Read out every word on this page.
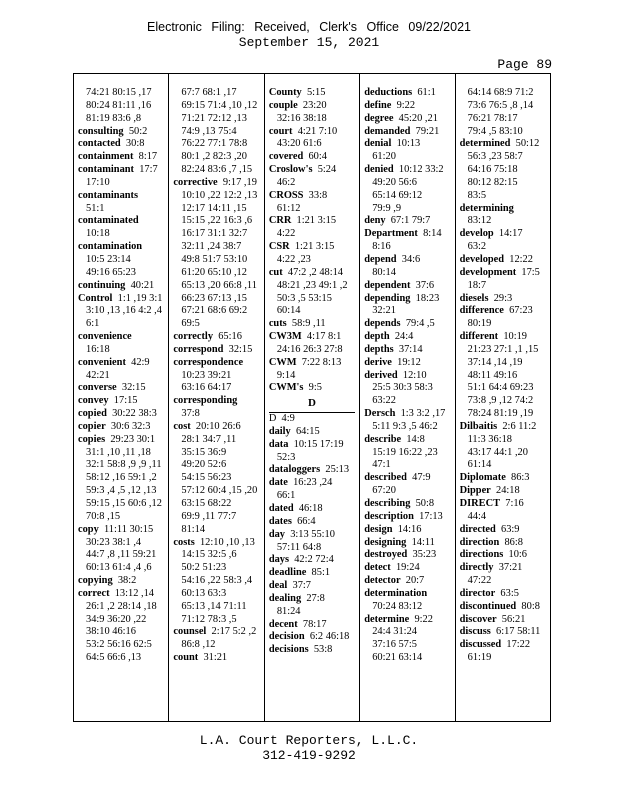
Electronic Filing: Received, Clerk's Office 09/22/2021
September 15, 2021
Page 89
74:21 80:15 ,17
80:24 81:11 ,16
81:19 83:6 ,8
consulting 50:2
contacted 30:8
containment 8:17
contaminant 17:7
17:10
contaminants
51:1
contaminated
10:18
contamination
10:5 23:14
49:16 65:23
continuing 40:21
Control 1:1 ,19 3:1
3:10 ,13 ,16 4:2 ,4
6:1
convenience
16:18
convenient 42:9
42:21
converse 32:15
convey 17:15
copied 30:22 38:3
copier 30:6 32:3
copies 29:23 30:1
31:1 ,10 ,11 ,18
32:1 58:8 ,9 ,9 ,11
58:12 ,16 59:1 ,2
59:3 ,4 ,5 ,12 ,13
59:15 ,15 60:6 ,12
70:8 ,15
copy 11:11 30:15
30:23 38:1 ,4
44:7 ,8 ,11 59:21
60:13 61:4 ,4 ,6
copying 38:2
correct 13:12 ,14
26:1 ,2 28:14 ,18
34:9 36:20 ,22
38:10 46:16
53:2 56:16 62:5
64:5 66:6 ,13
67:7 68:1 ,17
69:15 71:4 ,10 ,12
71:21 72:12 ,13
74:9 ,13 75:4
76:22 77:1 78:8
80:1 ,2 82:3 ,20
82:24 83:6 ,7 ,15
corrective 9:17 ,19
10:10 ,22 12:2 ,13
12:17 14:11 ,15
15:15 ,22 16:3 ,6
16:17 31:1 32:7
32:11 ,24 38:7
49:8 51:7 53:10
61:20 65:10 ,12
65:13 ,20 66:8 ,11
66:23 67:13 ,15
67:21 68:6 69:2
69:5
correctly 65:16
correspond 32:15
correspondence
10:23 39:21
63:16 64:17
corresponding
37:8
cost 20:10 26:6
28:1 34:7 ,11
35:15 36:9
49:20 52:6
54:15 56:23
57:12 60:4 ,15 ,20
63:15 68:22
69:9 ,11 77:7
81:14
costs 12:10 ,10 ,13
14:15 32:5 ,6
50:2 51:23
54:16 ,22 58:3 ,4
60:13 63:3
65:13 ,14 71:11
71:12 78:3 ,5
counsel 2:17 5:2 ,2
86:8 ,12
count 31:21
County 5:15
couple 23:20
32:16 38:18
court 4:21 7:10
43:20 61:6
covered 60:4
Croslow's 5:24
46:2
CROSS 33:8
61:12
CRR 1:21 3:15
4:22
CSR 1:21 3:15
4:22 ,23
cut 47:2 ,2 48:14
48:21 ,23 49:1 ,2
50:3 ,5 53:15
60:14
cuts 58:9 ,11
CW3M 4:17 8:1
24:16 26:3 27:8
CWM 7:22 8:13
9:14
CWM's 9:5
D
D 4:9
daily 64:15
data 10:15 17:19
52:3
dataloggers 25:13
date 16:23 ,24
66:1
dated 46:18
dates 66:4
day 3:13 55:10
57:11 64:8
days 42:2 72:4
deadline 85:1
deal 37:7
dealing 27:8
81:24
decent 78:17
decision 6:2 46:18
decisions 53:8
deductions 61:1
define 9:22
degree 45:20 ,21
demanded 79:21
denial 10:13
61:20
denied 10:12 33:2
49:20 56:6
65:14 69:12
79:9 ,9
deny 67:1 79:7
Department 8:14
8:16
depend 34:6
80:14
dependent 37:6
depending 18:23
32:21
depends 79:4 ,5
depth 24:4
depths 37:14
derive 19:12
derived 12:10
25:5 30:3 58:3
63:22
Dersch 1:3 3:2 ,17
5:11 9:3 ,5 46:2
describe 14:8
15:19 16:22 ,23
47:1
described 47:9
67:20
describing 50:8
description 17:13
design 14:16
designing 14:11
destroyed 35:23
detect 19:24
detector 20:7
determination
70:24 83:12
determine 9:22
24:4 31:24
37:16 57:5
60:21 63:14
64:14 68:9 71:2
73:6 76:5 ,8 ,14
76:21 78:17
79:4 ,5 83:10
determined 50:12
56:3 ,23 58:7
64:16 75:18
80:12 82:15
83:5
determining
83:12
develop 14:17
63:2
developed 12:22
development 17:5
18:7
diesels 29:3
difference 67:23
80:19
different 10:19
21:23 27:1 ,1 ,15
37:14 ,14 ,19
48:11 49:16
51:1 64:4 69:23
73:8 ,9 ,12 74:2
78:24 81:19 ,19
Dilbaitis 2:6 11:2
11:3 36:18
43:17 44:1 ,20
61:14
Diplomate 86:3
Dipper 24:18
DIRECT 7:16
44:4
directed 63:9
direction 86:8
directions 10:6
directly 37:21
47:22
director 63:5
discontinued 80:8
discover 56:21
discuss 6:17 58:11
discussed 17:22
61:19
L.A. Court Reporters, L.L.C.
312-419-9292
